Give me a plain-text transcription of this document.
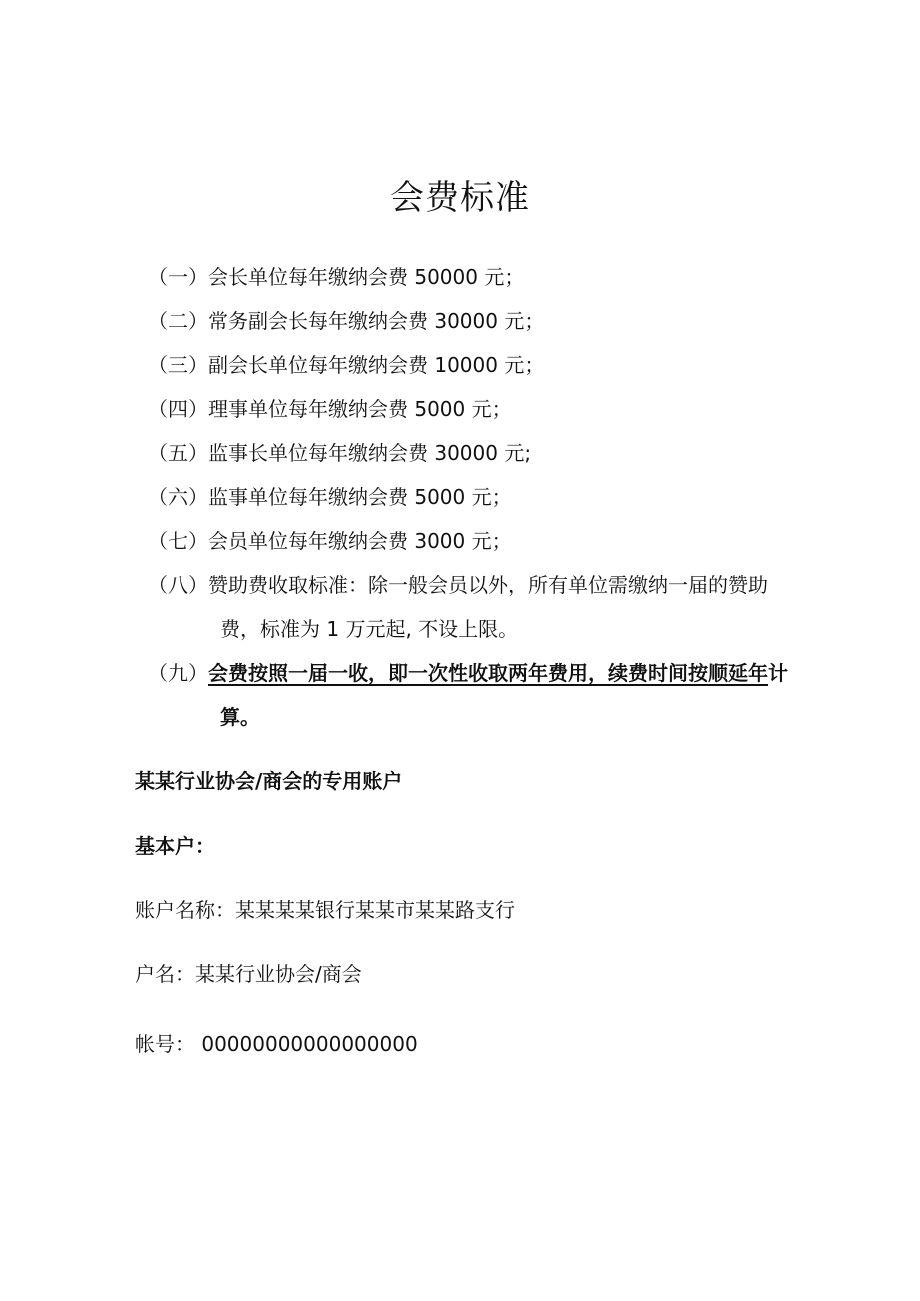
会费标准
（一） 会长单位每年缴纳会费 50000 元；
（二） 常务副会长每年缴纳会费 30000 元；
（三） 副会长单位每年缴纳会费 10000 元；
（四） 理事单位每年缴纳会费 5000 元；
（五） 监事长单位每年缴纳会费 30000 元;
（六） 监事单位每年缴纳会费 5000 元；
（七） 会员单位每年缴纳会费 3000 元；
（八） 赞助费收取标准：除一般会员以外，所有单位需缴纳一届的赞助
费，标准为 1 万元起, 不设上限。
（九） 会费按照一届一收，即一次性收取两年费用，续费时间按顺延年计
算。
某某行业协会/商会的专用账户
基本户：
账户名称：某某某某银行某某市某某路支行
户名：某某行业协会/商会
帐号： 00000000000000000
